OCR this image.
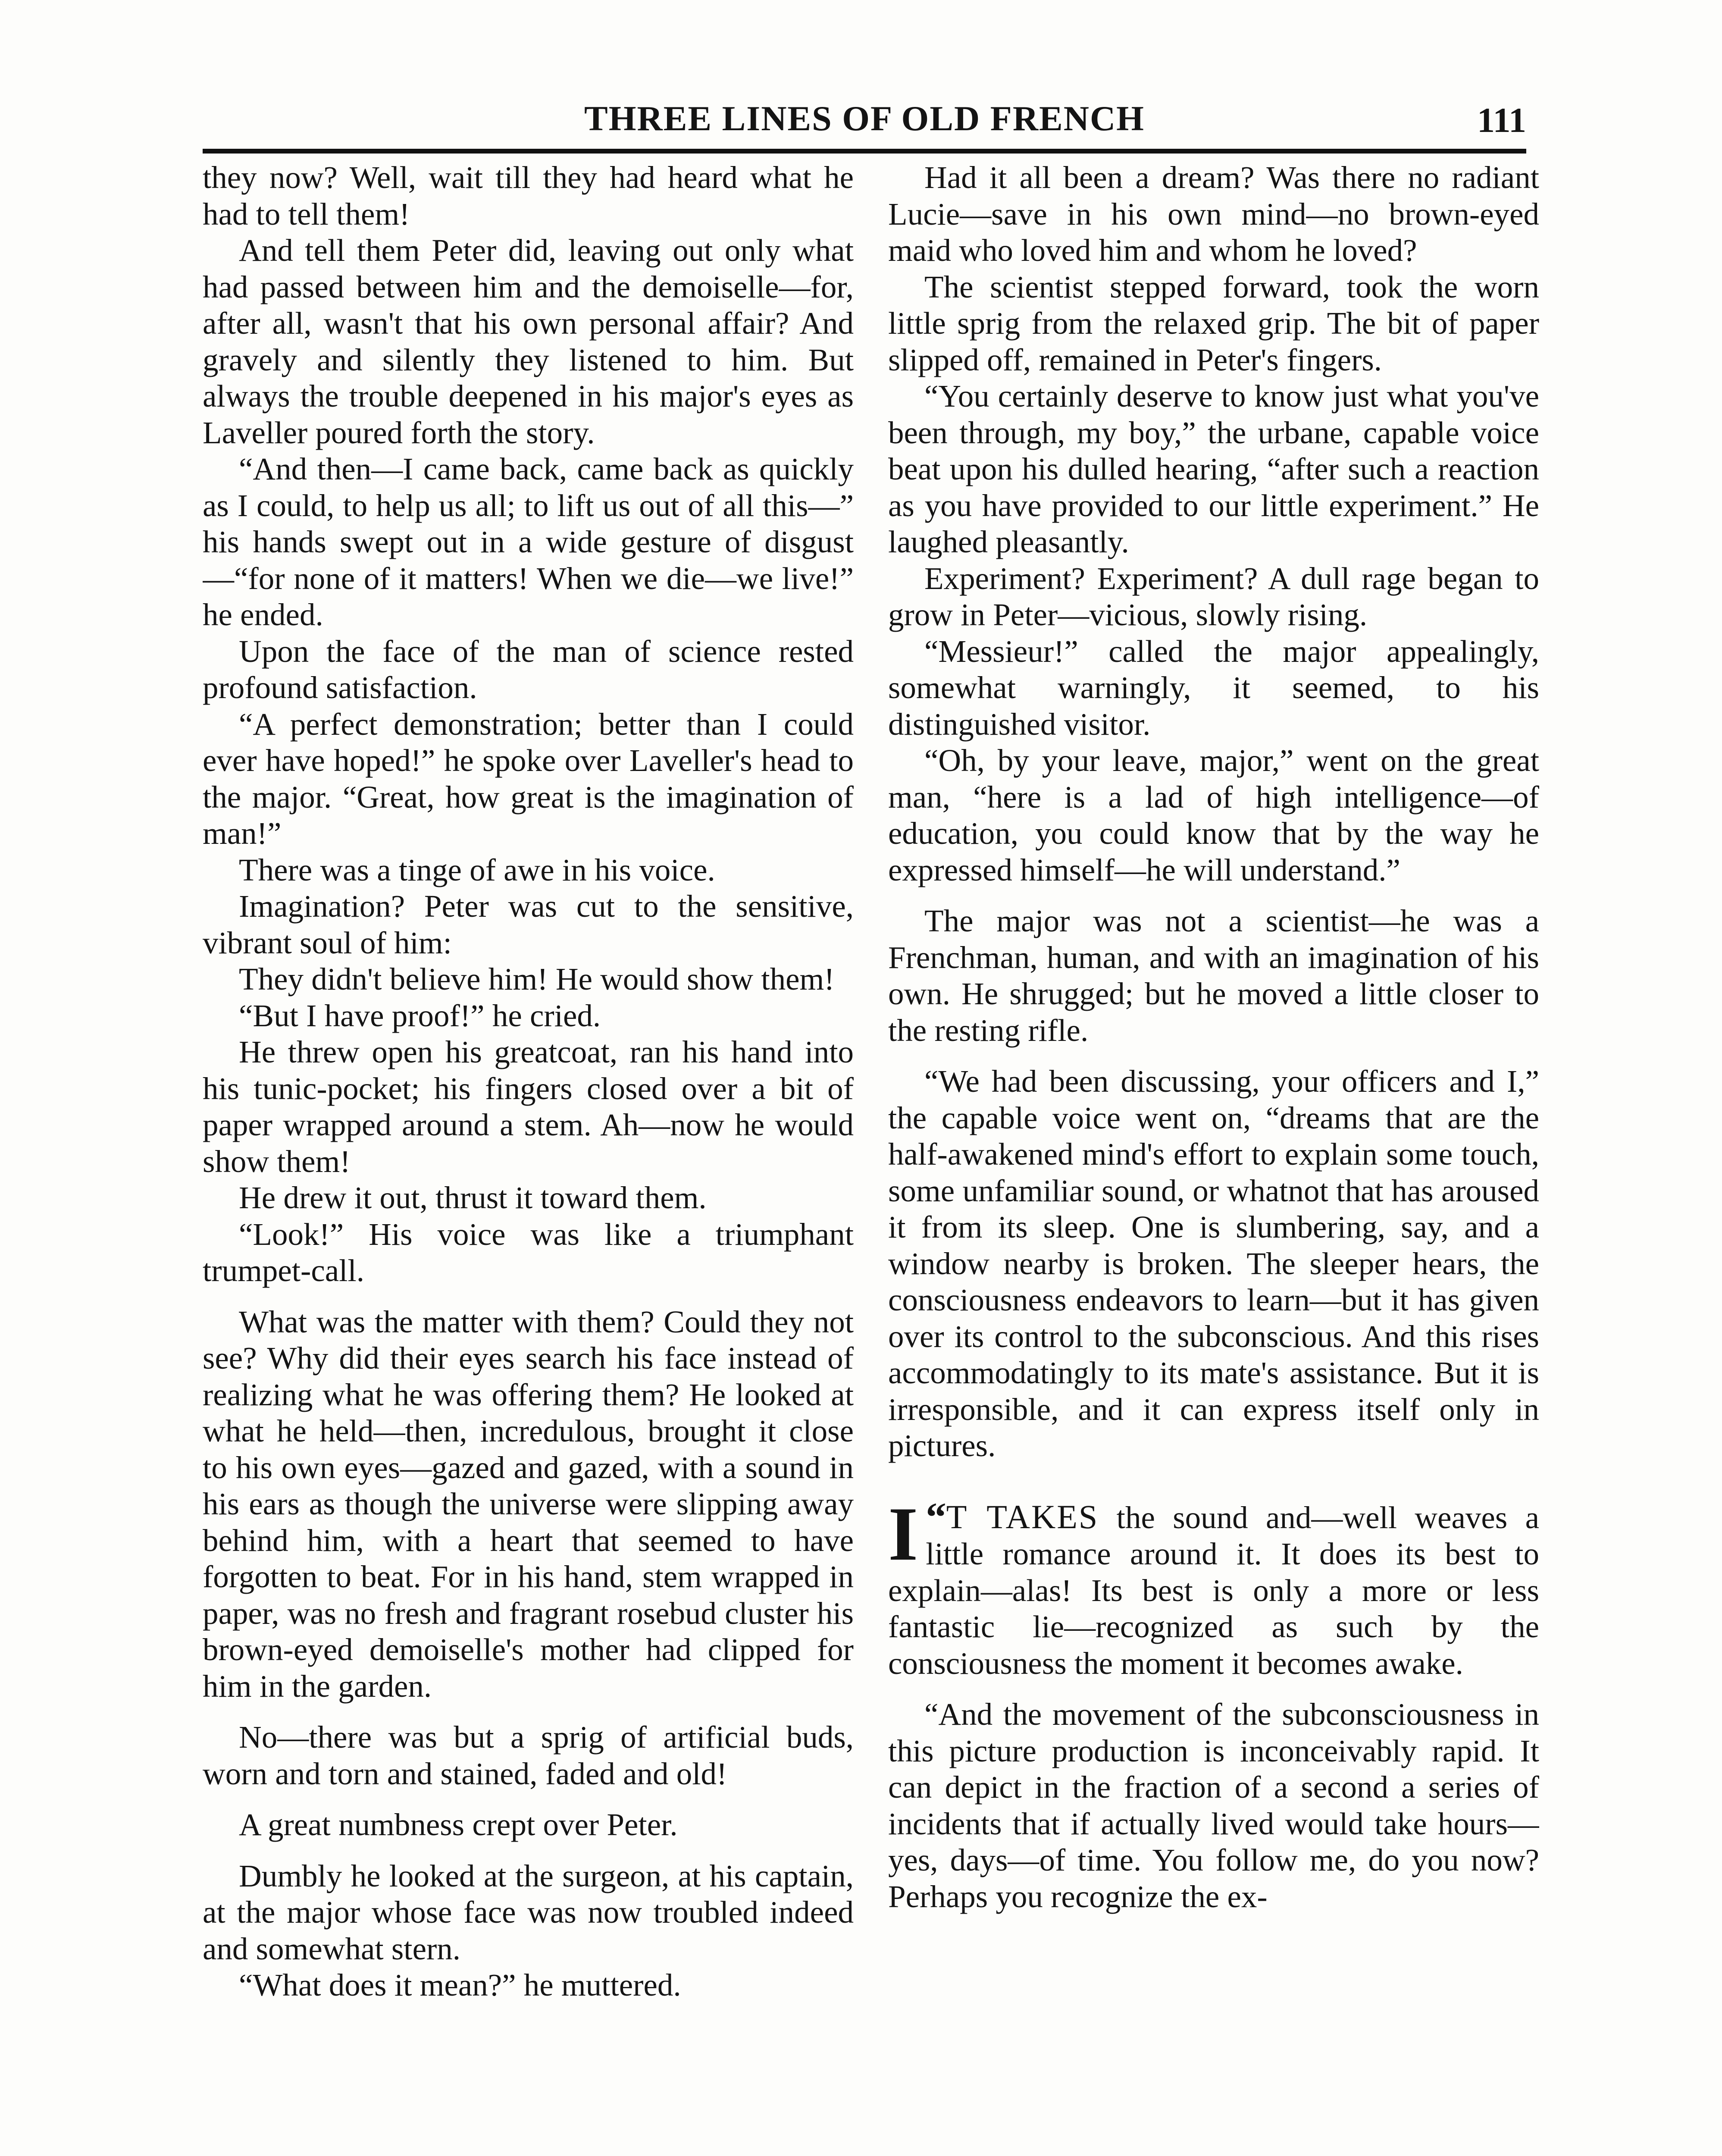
THREE LINES OF OLD FRENCH	111

they now? Well, wait till they had heard what he had to tell them!

And tell them Peter did, leaving out only what had passed between him and the demoiselle—for, after all, wasn't that his own personal affair? And gravely and silently they listened to him. But always the trouble deepened in his major's eyes as Laveller poured forth the story.

“And then—I came back, came back as quickly as I could, to help us all; to lift us out of all this—” his hands swept out in a wide gesture of disgust—“for none of it matters! When we die—we live!” he ended.

Upon the face of the man of science rested profound satisfaction.

“A perfect demonstration; better than I could ever have hoped!” he spoke over Laveller's head to the major. “Great, how great is the imagination of man!”

There was a tinge of awe in his voice.

Imagination? Peter was cut to the sensitive, vibrant soul of him:

They didn't believe him! He would show them!

“But I have proof!” he cried.

He threw open his greatcoat, ran his hand into his tunic-pocket; his fingers closed over a bit of paper wrapped around a stem. Ah—now he would show them!

He drew it out, thrust it toward them.

“Look!” His voice was like a triumphant trumpet-call.

What was the matter with them? Could they not see? Why did their eyes search his face instead of realizing what he was offering them? He looked at what he held—then, incredulous, brought it close to his own eyes—gazed and gazed, with a sound in his ears as though the universe were slipping away behind him, with a heart that seemed to have forgotten to beat. For in his hand, stem wrapped in paper, was no fresh and fragrant rosebud cluster his brown-eyed demoiselle's mother had clipped for him in the garden.

No—there was but a sprig of artificial buds, worn and torn and stained, faded and old!

A great numbness crept over Peter.

Dumbly he looked at the surgeon, at his captain, at the major whose face was now troubled indeed and somewhat stern.

“What does it mean?” he muttered.

Had it all been a dream? Was there no radiant Lucie—save in his own mind—no brown-eyed maid who loved him and whom he loved?

The scientist stepped forward, took the worn little sprig from the relaxed grip. The bit of paper slipped off, remained in Peter's fingers.

“You certainly deserve to know just what you've been through, my boy,” the urbane, capable voice beat upon his dulled hearing, “after such a reaction as you have provided to our little experiment.” He laughed pleasantly.

Experiment? Experiment? A dull rage began to grow in Peter—vicious, slowly rising.

“Messieur!” called the major appealingly, somewhat warningly, it seemed, to his distinguished visitor.

“Oh, by your leave, major,” went on the great man, “here is a lad of high intelligence—of education, you could know that by the way he expressed himself—he will understand.”

The major was not a scientist—he was a Frenchman, human, and with an imagination of his own. He shrugged; but he moved a little closer to the resting rifle.

“We had been discussing, your officers and I,” the capable voice went on, “dreams that are the half-awakened mind's effort to explain some touch, some unfamiliar sound, or whatnot that has aroused it from its sleep. One is slumbering, say, and a window nearby is broken. The sleeper hears, the consciousness endeavors to learn—but it has given over its control to the subconscious. And this rises accommodatingly to its mate's assistance. But it is irresponsible, and it can express itself only in pictures.

“
I T TAKES the sound and—well weaves a little romance around it. It does its best to explain—alas! Its best is only a more or less fantastic lie—recognized as such by the consciousness the moment it becomes awake.

“And the movement of the subconsciousness in this picture production is inconceivably rapid. It can depict in the fraction of a second a series of incidents that if actually lived would take hours—yes, days—of time. You follow me, do you now? Perhaps you recognize the ex-
